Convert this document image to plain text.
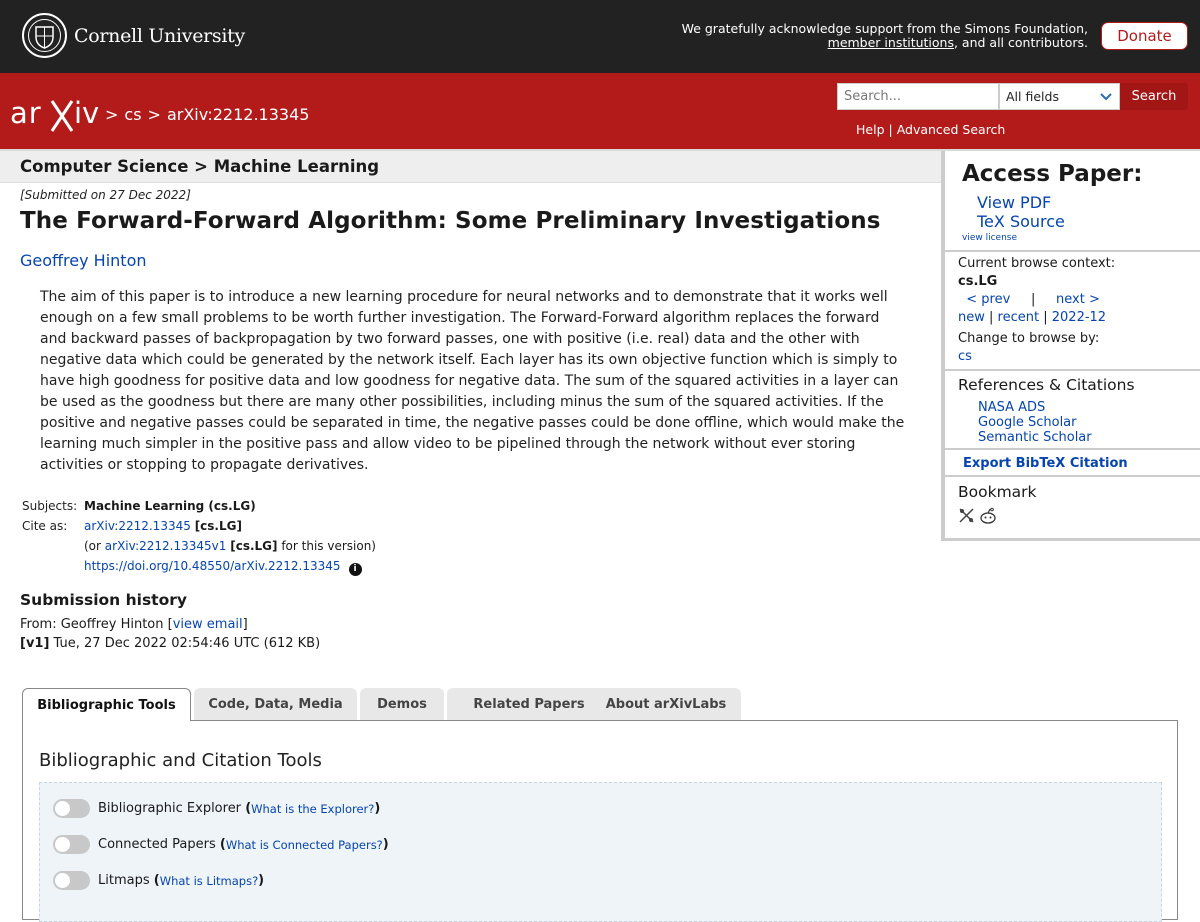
Cornell University	We gratefully acknowledge support from the Simons Foundation,
member institutions, and all contributors.	Donate
ar iv > cs > arXiv:2212.13345
Search...	All fields	Search
Help | Advanced Search
Computer Science > Machine Learning
[Submitted on 27 Dec 2022]
The Forward-Forward Algorithm: Some Preliminary Investigations
Geoffrey Hinton
The aim of this paper is to introduce a new learning procedure for neural networks and to demonstrate that it works well enough on a few small problems to be worth further investigation. The Forward-Forward algorithm replaces the forward and backward passes of backpropagation by two forward passes, one with positive (i.e. real) data and the other with negative data which could be generated by the network itself. Each layer has its own objective function which is simply to have high goodness for positive data and low goodness for negative data. The sum of the squared activities in a layer can be used as the goodness but there are many other possibilities, including minus the sum of the squared activities. If the positive and negative passes could be separated in time, the negative passes could be done offline, which would make the learning much simpler in the positive pass and allow video to be pipelined through the network without ever storing activities or stopping to propagate derivatives.
Subjects:	Machine Learning (cs.LG)
Cite as:	arXiv:2212.13345 [cs.LG]
	(or arXiv:2212.13345v1 [cs.LG] for this version)
	https://doi.org/10.48550/arXiv.2212.13345 i
Submission history
From: Geoffrey Hinton [view email]
[v1] Tue, 27 Dec 2022 02:54:46 UTC (612 KB)
Bibliographic Tools	Code, Data, Media	Demos	Related Papers	About arXivLabs
Bibliographic and Citation Tools
Bibliographic Explorer
( What is the Explorer? )
Connected Papers
( What is Connected Papers? )
Litmaps
( What is Litmaps? )
Access Paper:
View PDF
TeX Source
view license
Current browse context:
cs.LG
< prev | next >
new | recent | 2022-12
Change to browse by:
cs
References & Citations
NASA ADS
Google Scholar
Semantic Scholar
Export BibTeX Citation
Bookmark
